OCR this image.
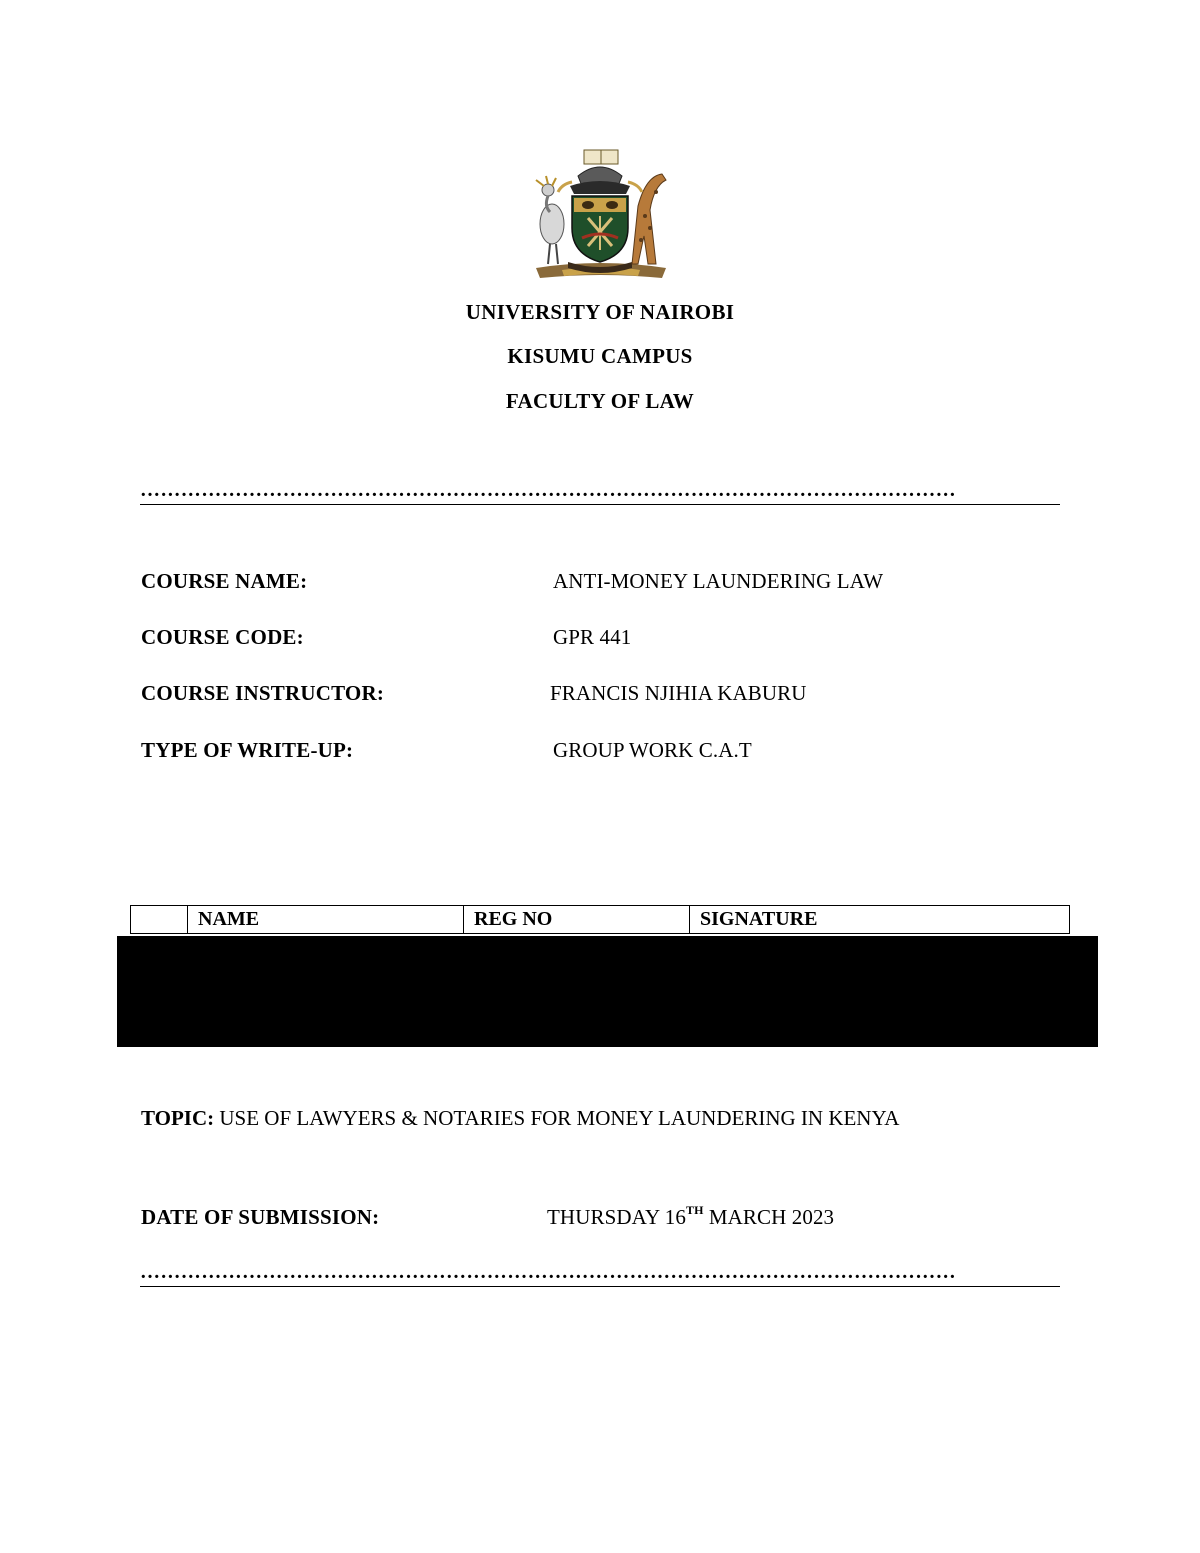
UNIVERSITY OF NAIROBI
KISUMU CAMPUS
FACULTY OF LAW
…………………………………………………………………………………………………………
COURSE NAME:	ANTI-MONEY LAUNDERING LAW
COURSE CODE:	GPR 441
COURSE INSTRUCTOR:	FRANCIS NJIHIA KABURU
TYPE OF WRITE-UP:	GROUP WORK C.A.T
	NAME	REG NO	SIGNATURE
TOPIC: USE OF LAWYERS & NOTARIES FOR MONEY LAUNDERING IN KENYA
DATE OF SUBMISSION:	THURSDAY 16TH MARCH 2023
…………………………………………………………………………………………………………
